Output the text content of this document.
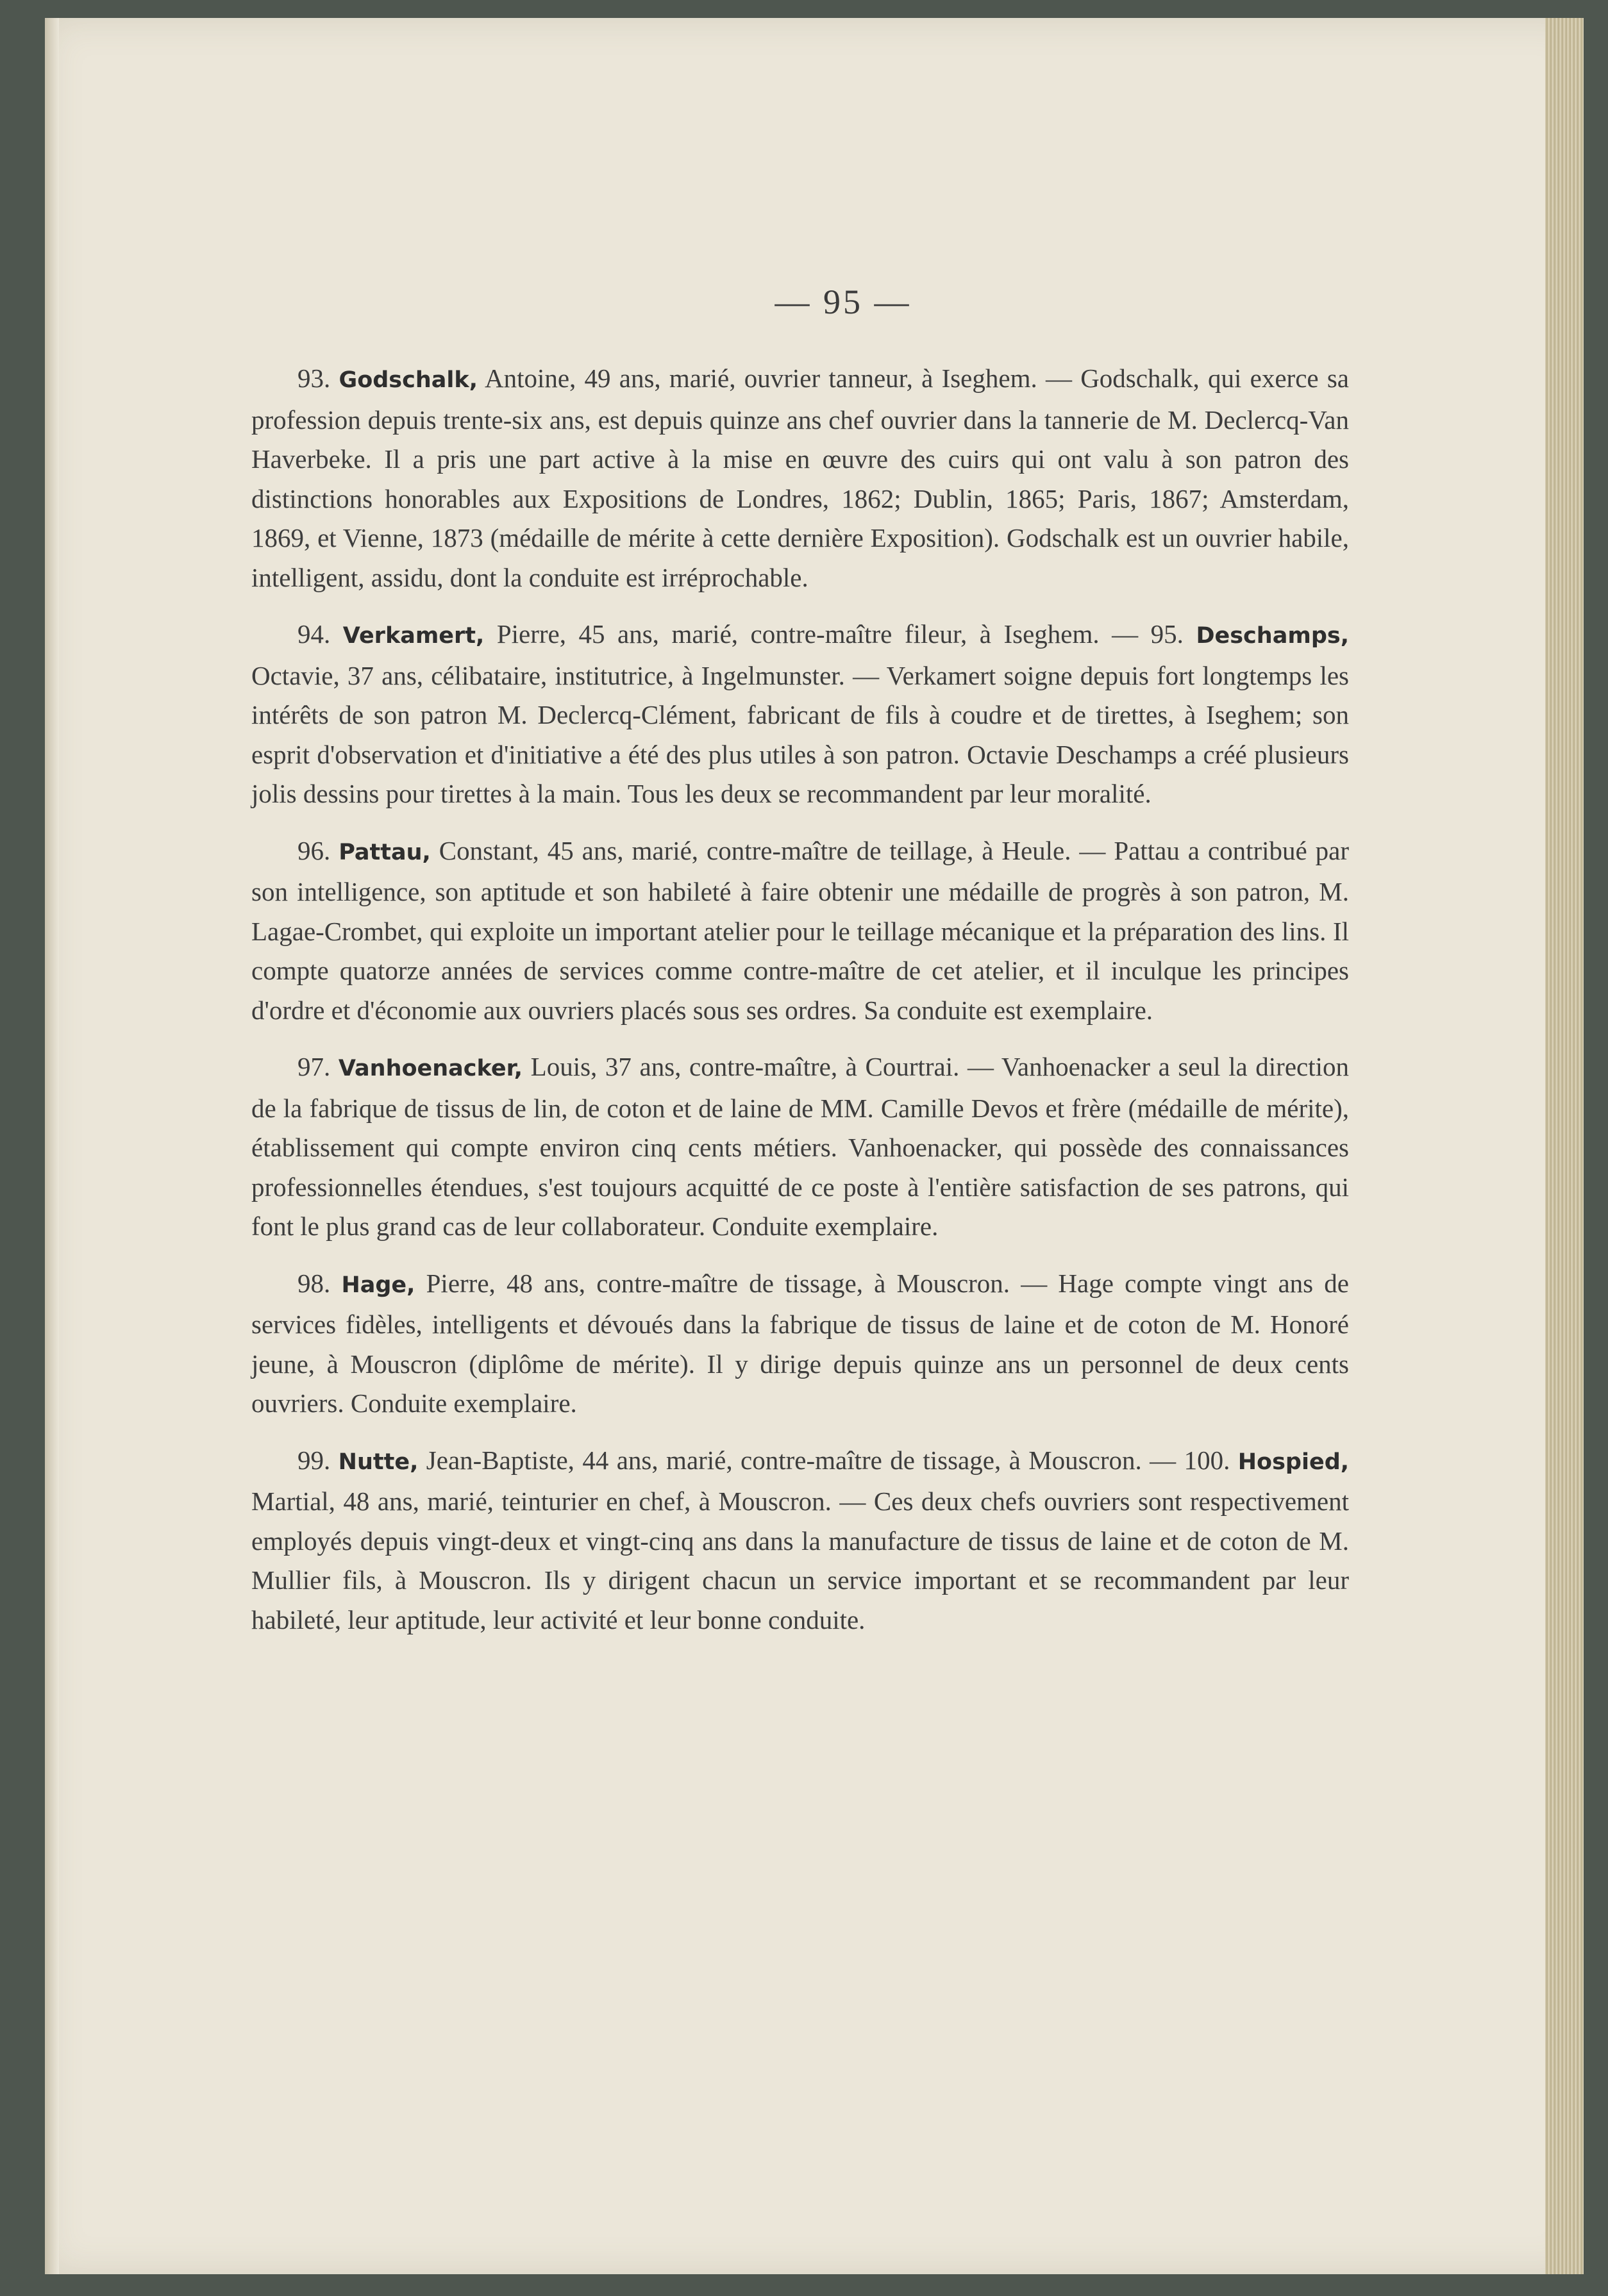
— 95 —

93. Godschalk, Antoine, 49 ans, marié, ouvrier tanneur, à Iseghem. — Godschalk, qui exerce sa profession depuis trente-six ans, est depuis quinze ans chef ouvrier dans la tannerie de M. Declercq-Van Haverbeke. Il a pris une part active à la mise en œuvre des cuirs qui ont valu à son patron des distinctions honorables aux Expositions de Londres, 1862; Dublin, 1865; Paris, 1867; Amsterdam, 1869, et Vienne, 1873 (médaille de mérite à cette dernière Exposition). Godschalk est un ouvrier habile, intelligent, assidu, dont la conduite est irréprochable.

94. Verkamert, Pierre, 45 ans, marié, contre-maître fileur, à Iseghem. — 95. Deschamps, Octavie, 37 ans, célibataire, institutrice, à Ingelmunster. — Verkamert soigne depuis fort longtemps les intérêts de son patron M. Declercq-Clément, fabricant de fils à coudre et de tirettes, à Iseghem; son esprit d'observation et d'initiative a été des plus utiles à son patron. Octavie Deschamps a créé plusieurs jolis dessins pour tirettes à la main. Tous les deux se recommandent par leur moralité.

96. Pattau, Constant, 45 ans, marié, contre-maître de teillage, à Heule. — Pattau a contribué par son intelligence, son aptitude et son habileté à faire obtenir une médaille de progrès à son patron, M. Lagae-Crombet, qui exploite un important atelier pour le teillage mécanique et la préparation des lins. Il compte quatorze années de services comme contre-maître de cet atelier, et il inculque les principes d'ordre et d'économie aux ouvriers placés sous ses ordres. Sa conduite est exemplaire.

97. Vanhoenacker, Louis, 37 ans, contre-maître, à Courtrai. — Vanhoenacker a seul la direction de la fabrique de tissus de lin, de coton et de laine de MM. Camille Devos et frère (médaille de mérite), établissement qui compte environ cinq cents métiers. Vanhoenacker, qui possède des connaissances professionnelles étendues, s'est toujours acquitté de ce poste à l'entière satisfaction de ses patrons, qui font le plus grand cas de leur collaborateur. Conduite exemplaire.

98. Hage, Pierre, 48 ans, contre-maître de tissage, à Mouscron. — Hage compte vingt ans de services fidèles, intelligents et dévoués dans la fabrique de tissus de laine et de coton de M. Honoré jeune, à Mouscron (diplôme de mérite). Il y dirige depuis quinze ans un personnel de deux cents ouvriers. Conduite exemplaire.

99. Nutte, Jean-Baptiste, 44 ans, marié, contre-maître de tissage, à Mouscron. — 100. Hospied, Martial, 48 ans, marié, teinturier en chef, à Mouscron. — Ces deux chefs ouvriers sont respectivement employés depuis vingt-deux et vingt-cinq ans dans la manufacture de tissus de laine et de coton de M. Mullier fils, à Mouscron. Ils y dirigent chacun un service important et se recommandent par leur habileté, leur aptitude, leur activité et leur bonne conduite.
